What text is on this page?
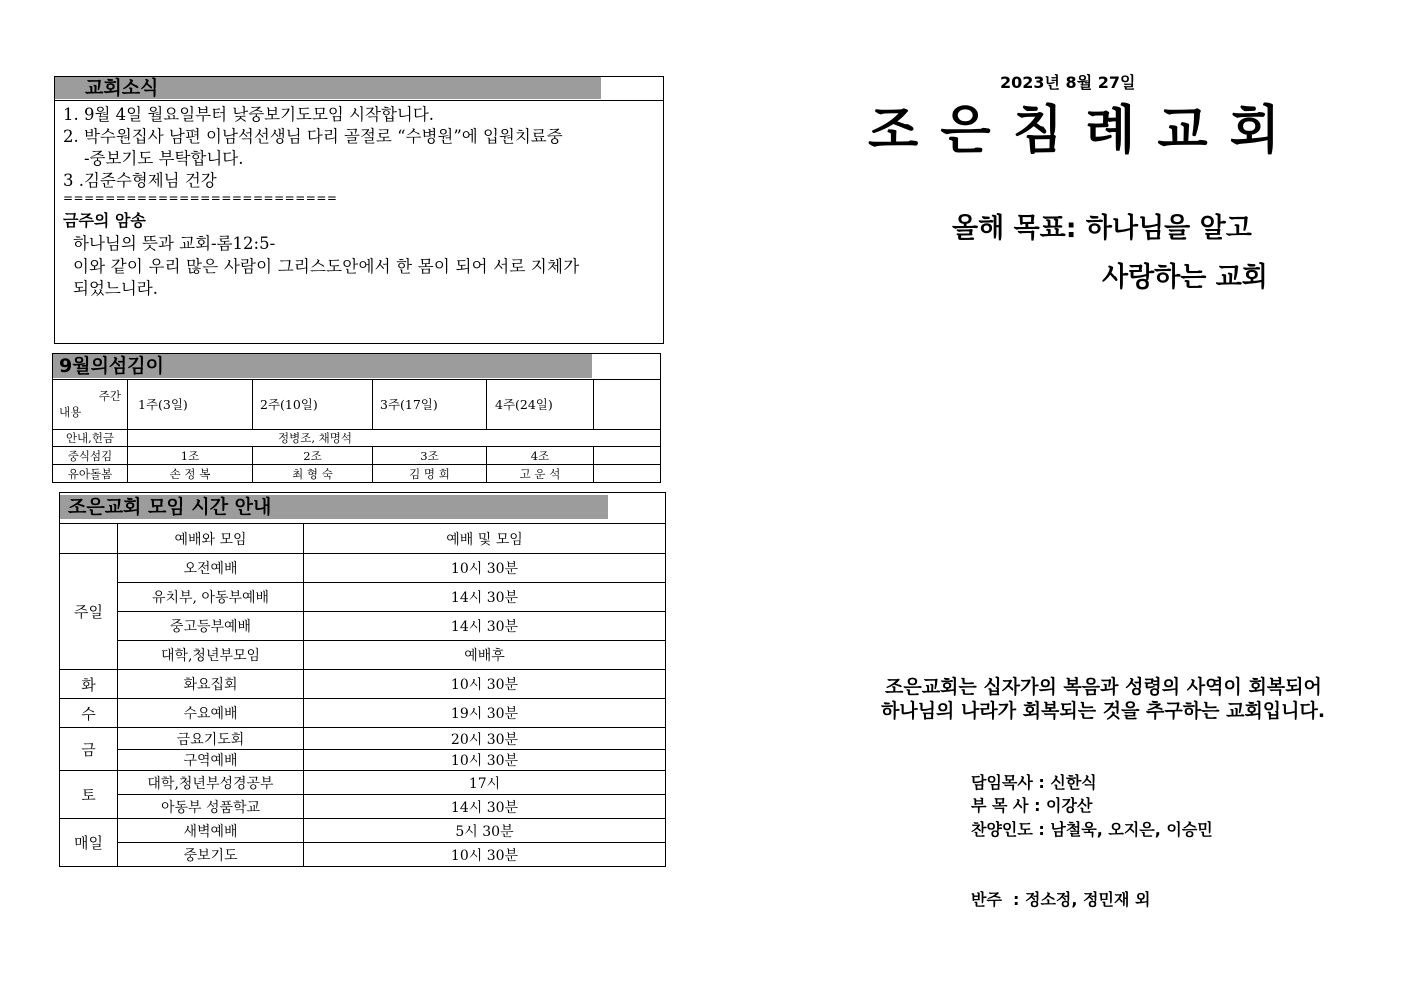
교회소식
1. 9월 4일 월요일부터 낮중보기도모임 시작합니다.
2. 박수원집사 남편 이남석선생님 다리 골절로 “수병원”에 입원치료중
-중보기도 부탁합니다.
3 .김준수형제님 건강
==========================
금주의 암송
하나님의 뜻과 교회-롬12:5-
이와 같이 우리 많은 사람이 그리스도안에서 한 몸이 되어 서로 지체가
되었느니라.
9월의섬김이
주간
내용	1주(3일)	2주(10일)	3주(17일)	4주(24일)	
안내,헌금	정병조, 채명석				
중식섬김	1조	2조	3조	4조	
유아돌봄	손 정 복	최 형 숙	김 명 희	고 운 석	
조은교회 모임 시간 안내
	예배와 모임	예배 및 모임
주일	오전예배	10시 30분
	유치부, 아동부예배	14시 30분
	중고등부예배	14시 30분
	대학,청년부모임	예배후
화	화요집회	10시 30분
수	수요예배	19시 30분
금	금요기도회	20시 30분
	구역예배	10시 30분
토	대학,청년부성경공부	17시
	아동부 성품학교	14시 30분
매일	새벽예배	5시 30분
	중보기도	10시 30분
2023년 8월 27일
조 은 침 례 교 회
올해 목표: 하나님을 알고
사랑하는 교회
조은교회는 십자가의 복음과 성령의 사역이 회복되어
하나님의 나라가 회복되는 것을 추구하는 교회입니다.
담임목사 : 신한식
부 목 사 : 이강산
찬양인도 : 남철욱, 오지은, 이승민
반주  : 정소정, 정민재 외
